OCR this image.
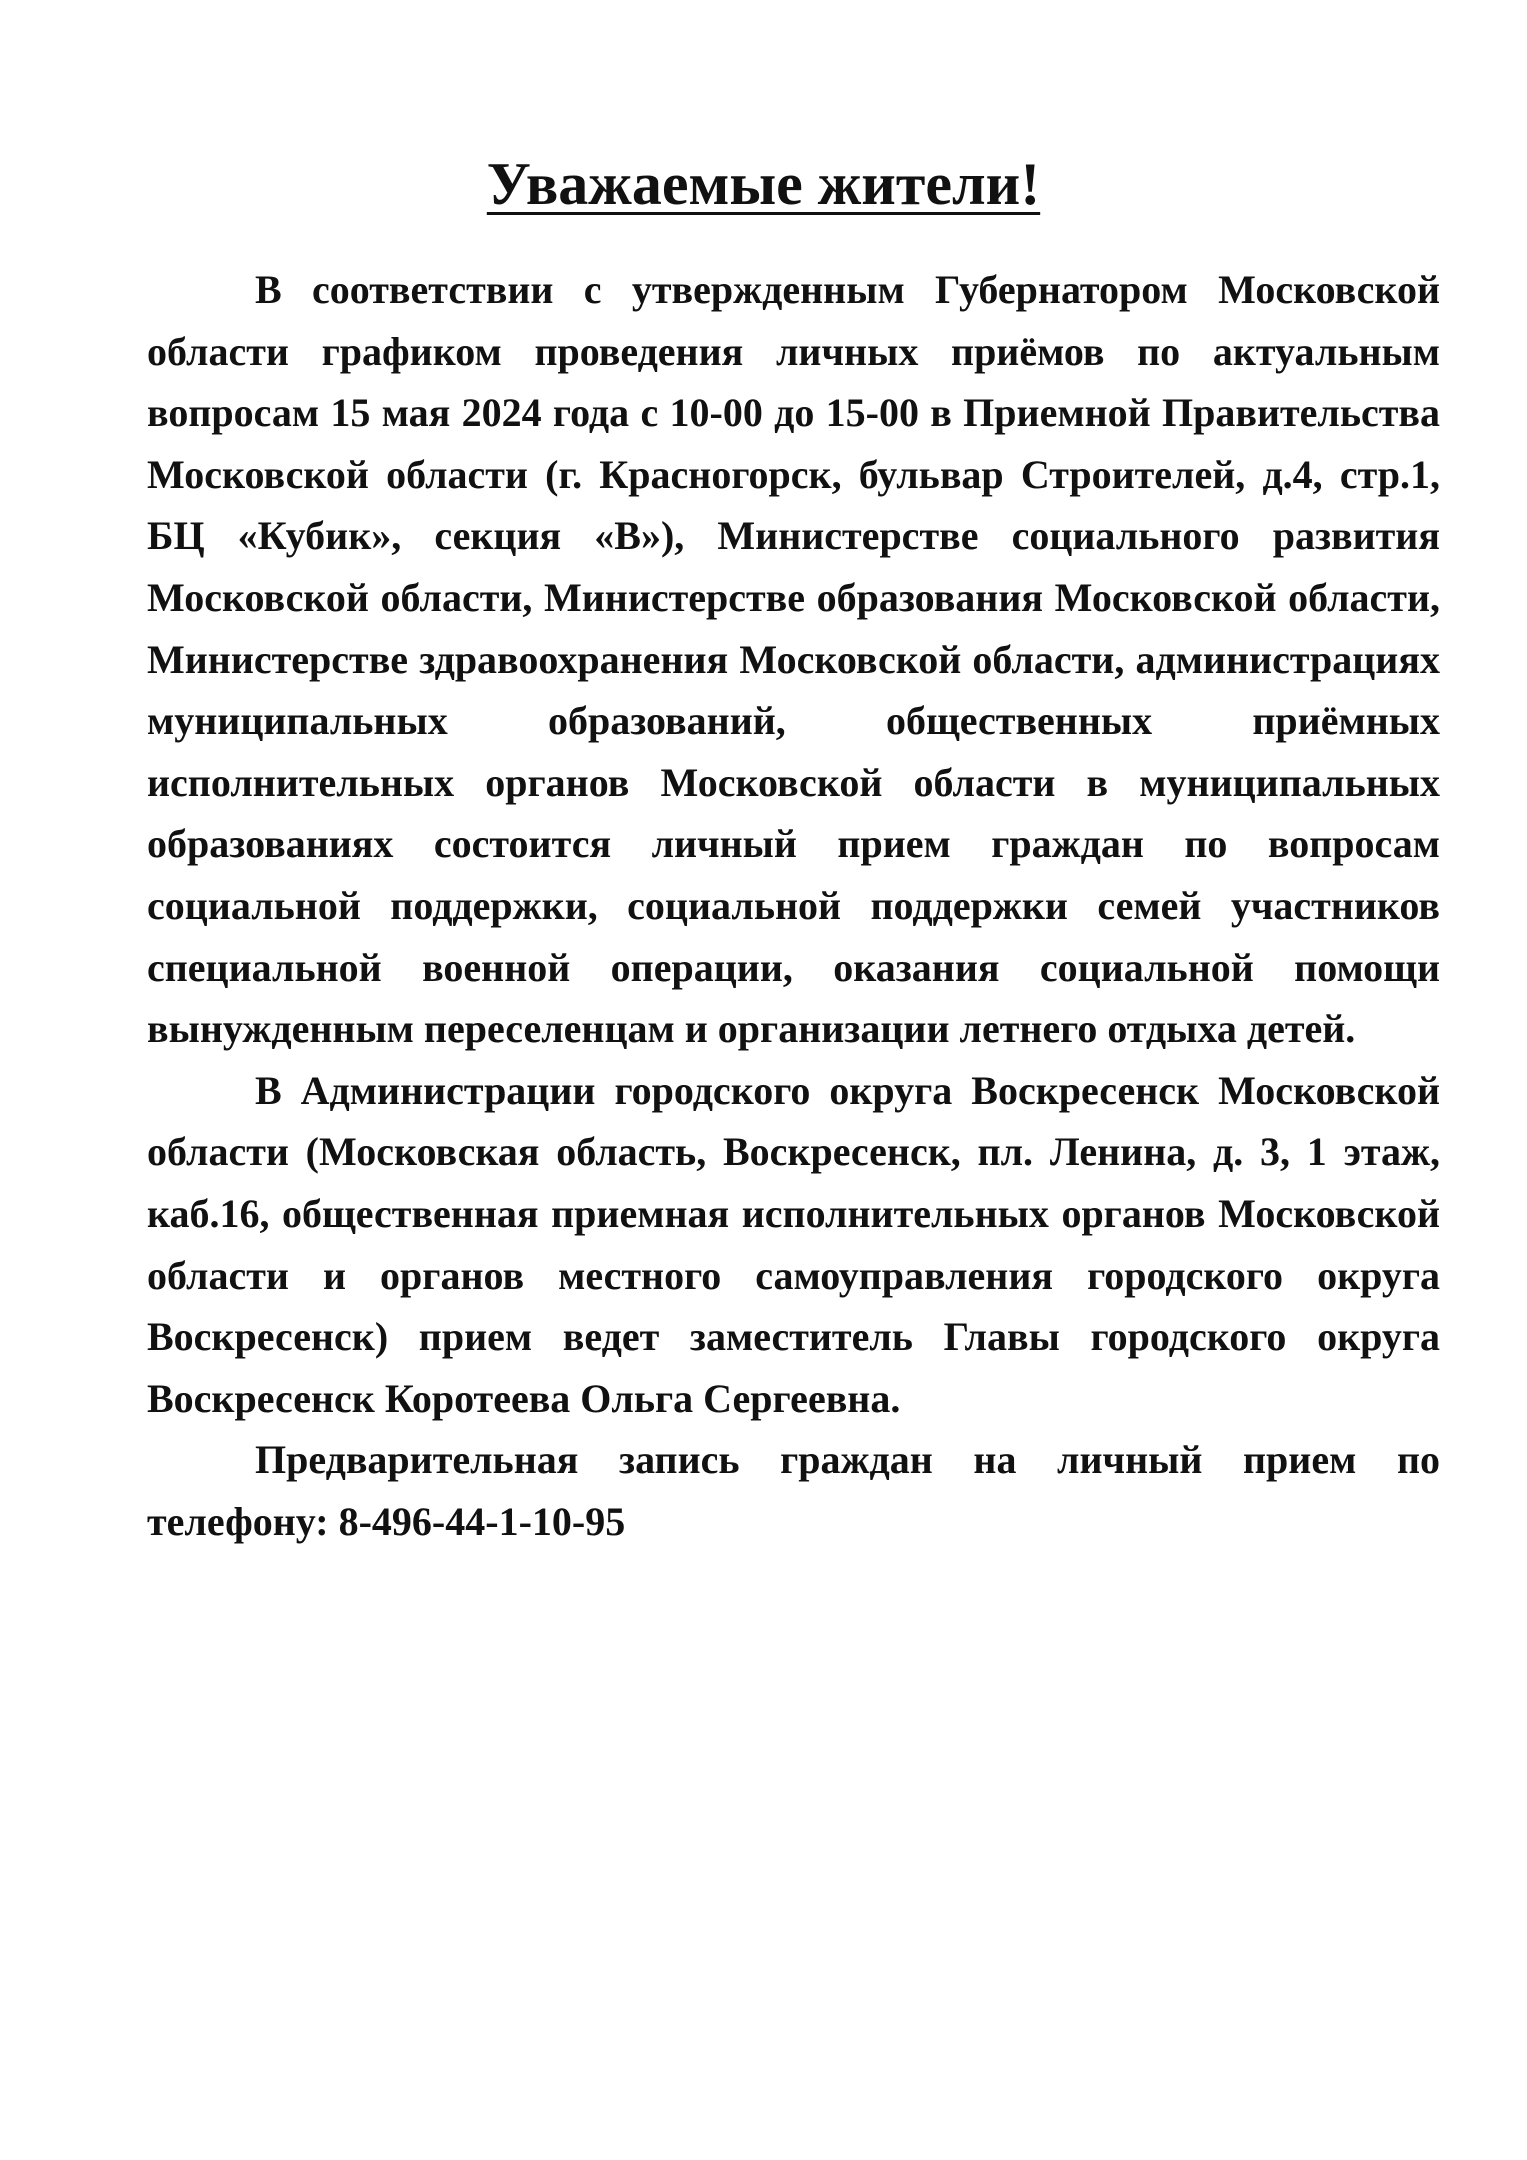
Уважаемые жители!

В соответствии с утвержденным Губернатором Московской области графиком проведения личных приёмов по актуальным вопросам 15 мая 2024 года с 10-00 до 15-00 в Приемной Правительства Московской области (г. Красногорск, бульвар Строителей, д.4, стр.1, БЦ «Кубик», секция «В»), Министерстве социального развития Московской области, Министерстве образования Московской области, Министерстве здравоохранения Московской области, администрациях муниципальных образований, общественных приёмных исполнительных органов Московской области в муниципальных образованиях состоится личный прием граждан по вопросам социальной поддержки, социальной поддержки семей участников специальной военной операции, оказания социальной помощи вынужденным переселенцам и организации летнего отдыха детей.

В Администрации городского округа Воскресенск Московской области (Московская область, Воскресенск, пл. Ленина, д. 3, 1 этаж, каб.16, общественная приемная исполнительных органов Московской области и органов местного самоуправления городского округа Воскресенск) прием ведет заместитель Главы городского округа Воскресенск Коротеева Ольга Сергеевна.

Предварительная запись граждан на личный прием по телефону: 8-496-44-1-10-95
